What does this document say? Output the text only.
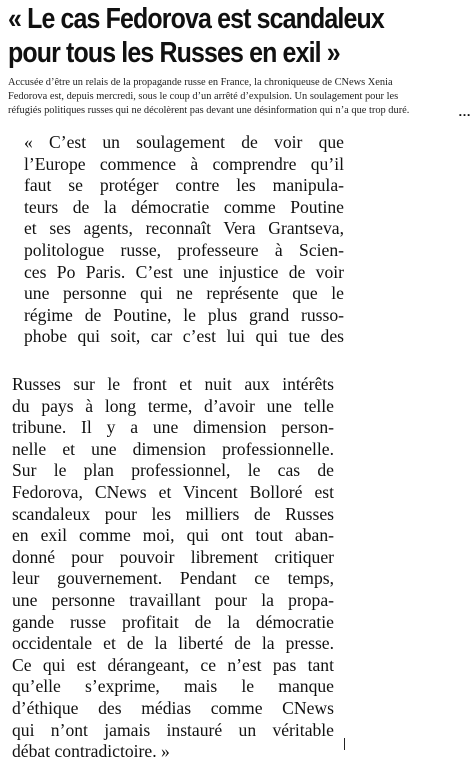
« Le cas Fedorova est scandaleux
pour tous les Russes en exil »
Accusée d’être un relais de la propagande russe en France, la chroniqueuse de CNews Xenia
Fedorova est, depuis mercredi, sous le coup d’un arrêté d’expulsion. Un soulagement pour les
réfugiés politiques russes qui ne décolèrent pas devant une désinformation qui n’a que trop duré.	…
« C’est un soulagement de voir que
l’Europe commence à comprendre qu’il
faut se protéger contre les manipula-
teurs de la démocratie comme Poutine
et ses agents, reconnaît Vera Grantseva,
politologue russe, professeure à Scien-
ces Po Paris. C’est une injustice de voir
une personne qui ne représente que le
régime de Poutine, le plus grand russo-
phobe qui soit, car c’est lui qui tue des
Russes sur le front et nuit aux intérêts
du pays à long terme, d’avoir une telle
tribune. Il y a une dimension person-
nelle et une dimension professionnelle.
Sur le plan professionnel, le cas de
Fedorova, CNews et Vincent Bolloré est
scandaleux pour les milliers de Russes
en exil comme moi, qui ont tout aban-
donné pour pouvoir librement critiquer
leur gouvernement. Pendant ce temps,
une personne travaillant pour la propa-
gande russe profitait de la démocratie
occidentale et de la liberté de la presse.
Ce qui est dérangeant, ce n’est pas tant
qu’elle s’exprime, mais le manque
d’éthique des médias comme CNews
qui n’ont jamais instauré un véritable
débat contradictoire. »
